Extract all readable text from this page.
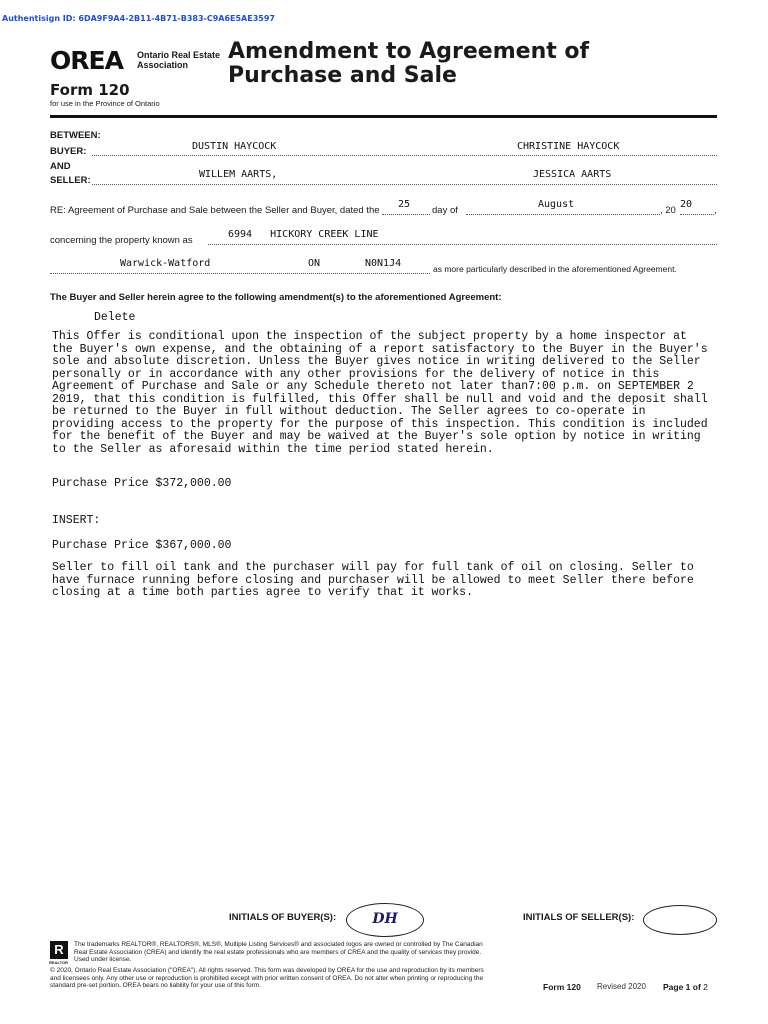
Authentisign ID: 6DA9F9A4-2B11-4B71-B383-C9A6E5AE3597
OREA Ontario Real Estate
Association
Amendment to Agreement of
Purchase and Sale
Form 120
for use in the Province of Ontario
BETWEEN:
BUYER:	DUSTIN HAYCOCK	CHRISTINE HAYCOCK
AND
SELLER:
WILLEM AARTS,	JESSICA AARTS
RE: Agreement of Purchase and Sale between the Seller and Buyer, dated the
25
day of
August
, 20
20
,
concerning the property known as
6994   HICKORY CREEK LINE
Warwick-Watford	ON	N0N1J4	as more particularly described in the aforementioned Agreement.
The Buyer and Seller herein agree to the following amendment(s) to the aforementioned Agreement:
Delete
This Offer is conditional upon the inspection of the subject property by a home inspector at the Buyer's own expense, and the obtaining of a report satisfactory to the Buyer in the Buyer's sole and absolute discretion. Unless the Buyer gives notice in writing delivered to the Seller personally or in accordance with any other provisions for the delivery of notice in this Agreement of Purchase and Sale or any Schedule thereto not later than7:00 p.m. on SEPTEMBER 2 2019, that this condition is fulfilled, this Offer shall be null and void and the deposit shall be returned to the Buyer in full without deduction. The Seller agrees to co-operate in providing access to the property for the purpose of this inspection. This condition is included for the benefit of the Buyer and may be waived at the Buyer's sole option by notice in writing to the Seller as aforesaid within the time period stated herein.
Purchase Price $372,000.00
INSERT:
Purchase Price $367,000.00
Seller to fill oil tank and the purchaser will pay for full tank of oil on closing. Seller to have furnace running before closing and purchaser will be allowed to meet Seller there before closing at a time both parties agree to verify that it works.
INITIALS OF BUYER(S):	DH	INITIALS OF SELLER(S):
R
REALTOR
The trademarks REALTOR®, REALTORS®, MLS®, Multiple Listing Services® and associated logos are owned or controlled by The Canadian Real Estate Association (CREA) and identify the real estate professionals who are members of CREA and the quality of services they provide. Used under license.
© 2020, Ontario Real Estate Association ("OREA"). All rights reserved. This form was developed by OREA for the use and reproduction by its members and licensees only. Any other use or reproduction is prohibited except with prior written consent of OREA. Do not alter when printing or reproducing the standard pre-set portion. OREA bears no liability for your use of this form.	Form 120 Revised 2020 Page 1 of 2
